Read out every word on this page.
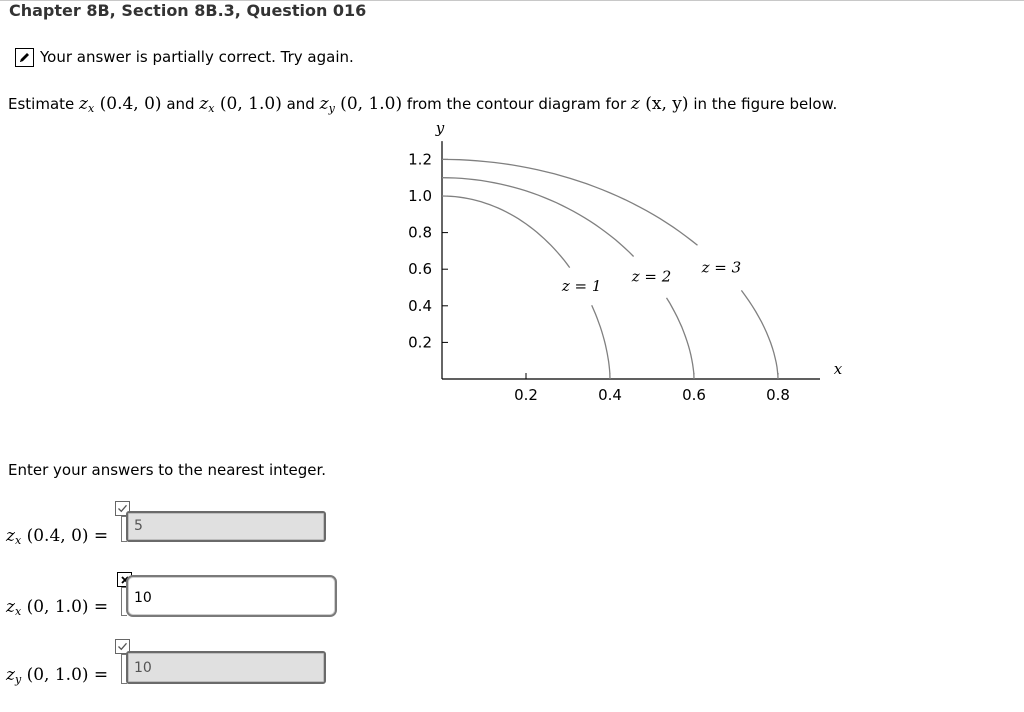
Chapter 8B, Section 8B.3, Question 016
Your answer is partially correct. Try again.
Estimate zx (0.4, 0) and zx (0, 1.0) and zy (0, 1.0) from the contour diagram for z (x, y) in the figure below.
0.2
0.4
0.6
0.8
1.0
1.2
0.2	0.4	0.6	0.8
y
x
z = 1
z = 2
z = 3
Enter your answers to the nearest integer.
zx (0.4, 0) =	5
zx (0, 1.0) =	10
zy (0, 1.0) =	10
